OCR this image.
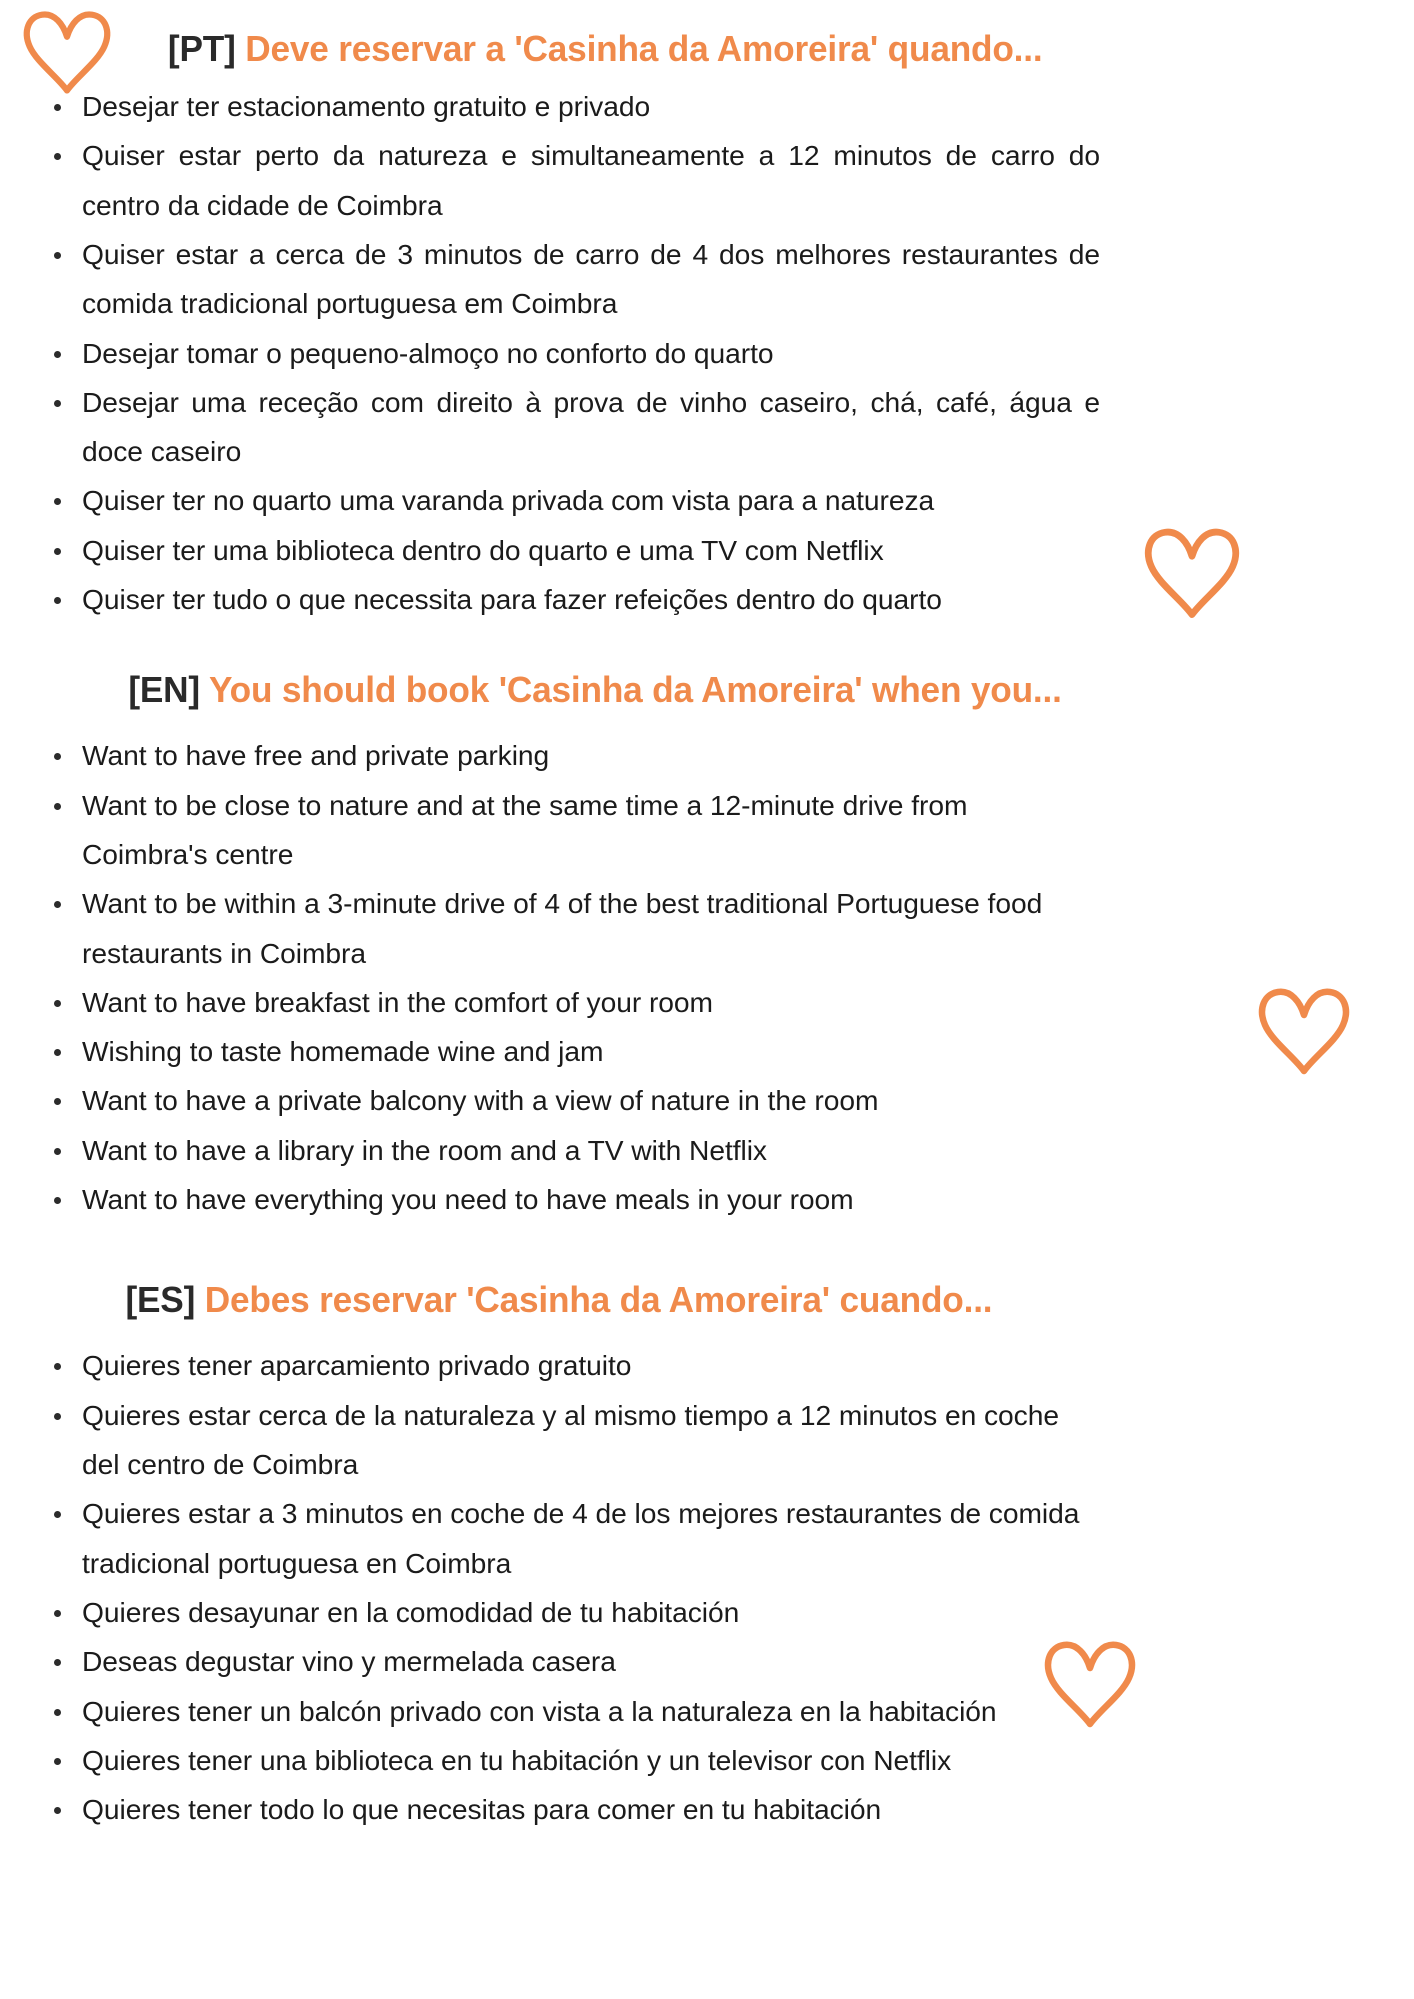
[PT] Deve reservar a 'Casinha da Amoreira' quando...
Desejar ter estacionamento gratuito e privado
Quiser estar perto da natureza e simultaneamente a 12 minutos de carro do centro da cidade de Coimbra
Quiser estar a cerca de 3 minutos de carro de 4 dos melhores restaurantes de comida tradicional portuguesa em Coimbra
Desejar tomar o pequeno-almoço no conforto do quarto
Desejar uma receção com direito à prova de vinho caseiro, chá, café, água e doce caseiro
Quiser ter no quarto uma varanda privada com vista para a natureza
Quiser ter uma biblioteca dentro do quarto e uma TV com Netflix
Quiser ter tudo o que necessita para fazer refeições dentro do quarto
[EN] You should book 'Casinha da Amoreira' when you...
Want to have free and private parking
Want to be close to nature and at the same time a 12-minute drive from Coimbra's centre
Want to be within a 3-minute drive of 4 of the best traditional Portuguese food restaurants in Coimbra
Want to have breakfast in the comfort of your room
Wishing to taste homemade wine and jam
Want to have a private balcony with a view of nature in the room
Want to have a library in the room and a TV with Netflix
Want to have everything you need to have meals in your room
[ES] Debes reservar 'Casinha da Amoreira' cuando...
Quieres tener aparcamiento privado gratuito
Quieres estar cerca de la naturaleza y al mismo tiempo a 12 minutos en coche del centro de Coimbra
Quieres estar a 3 minutos en coche de 4 de los mejores restaurantes de comida tradicional portuguesa en Coimbra
Quieres desayunar en la comodidad de tu habitación
Deseas degustar vino y mermelada casera
Quieres tener un balcón privado con vista a la naturaleza en la habitación
Quieres tener una biblioteca en tu habitación y un televisor con Netflix
Quieres tener todo lo que necesitas para comer en tu habitación
